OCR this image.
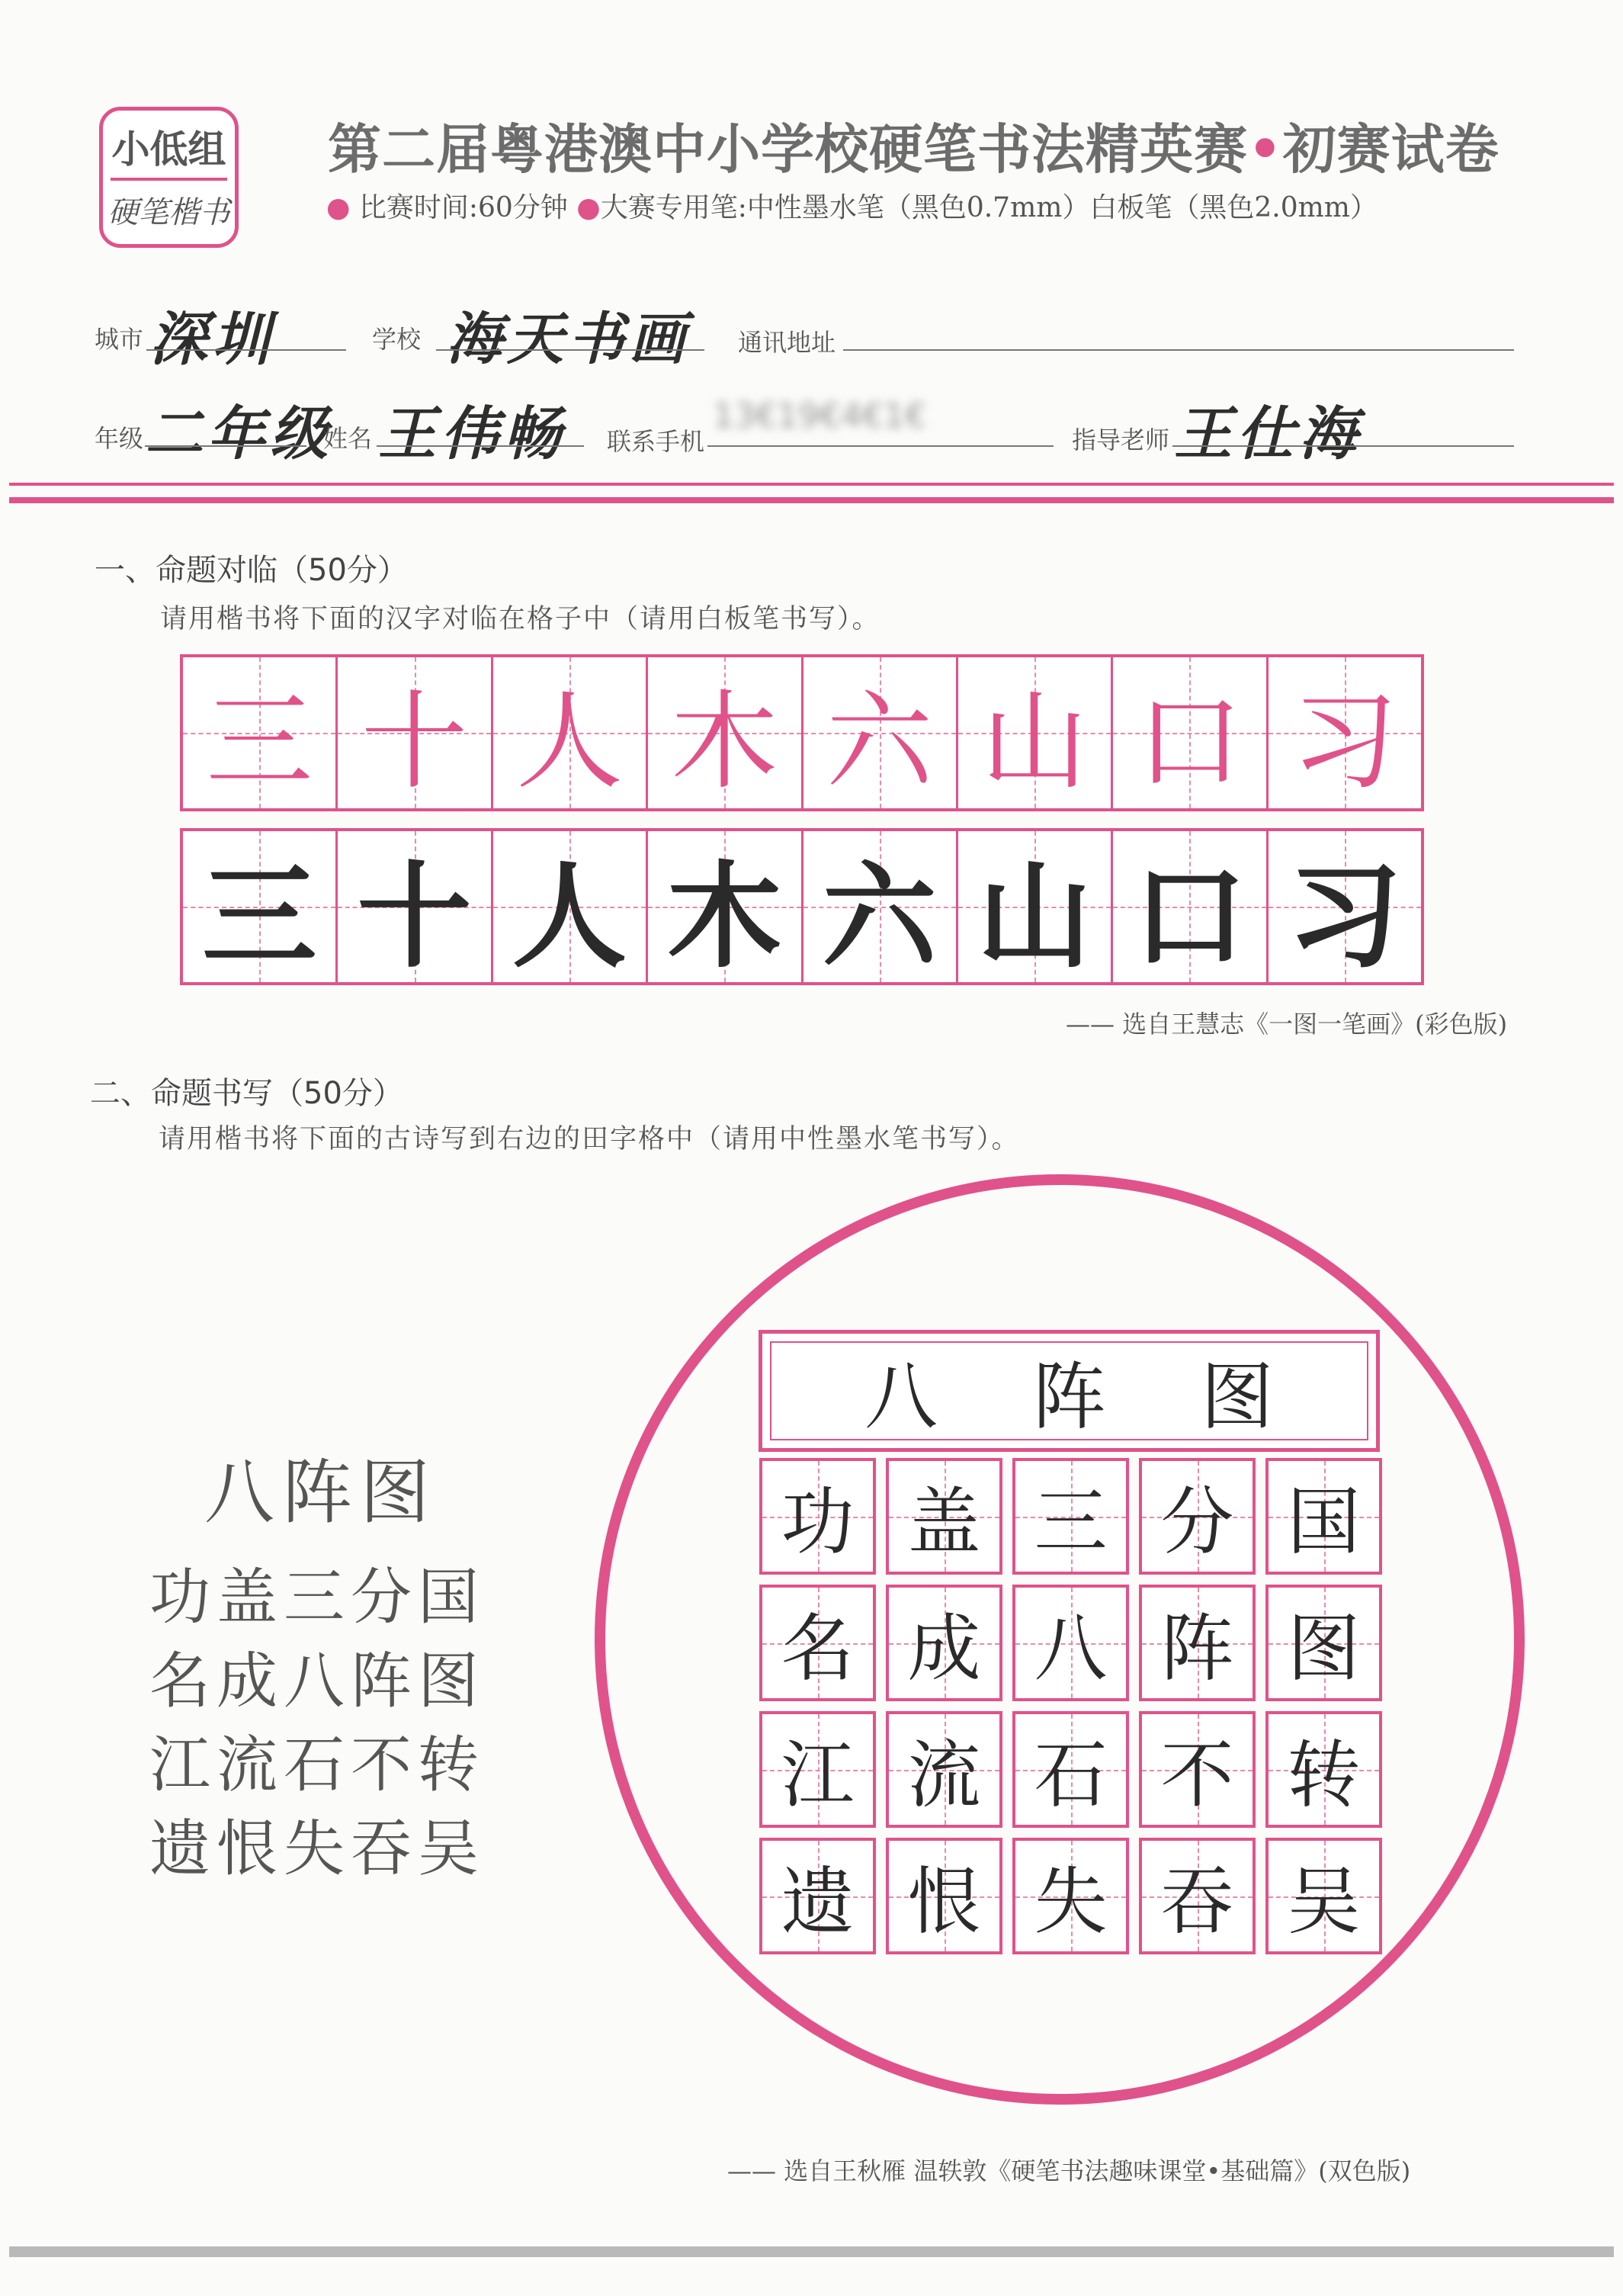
小低组
硬笔楷书
第二届粤港澳中小学校硬笔书法精英赛•初赛试卷
● 比赛时间:60分钟 ●大赛专用笔:中性墨水笔（黑色0.7mm）白板笔（黑色2.0mm）
城市 深圳	学校 海天书画 通讯地址
年级 二年级
姓名 王伟畅 联系手机
13€19€4€1€
指导老师 王仕海
一、命题对临（50分）
请用楷书将下面的汉字对临在格子中（请用白板笔书写）。
三 十 人 木 六 山 口 习
三 十 人 木 六 山 口 习
—— 选自王慧志《一图一笔画》(彩色版)
二、命题书写（50分）
请用楷书将下面的古诗写到右边的田字格中（请用中性墨水笔书写）。
八阵图
功盖三分国
名成八阵图
江流石不转
遗恨失吞吴
八 阵 图
功 盖 三 分 国
名 成 八 阵 图
江 流 石 不 转
遗 恨 失 吞 吴
—— 选自王秋雁 温轶敦《硬笔书法趣味课堂•基础篇》(双色版)
